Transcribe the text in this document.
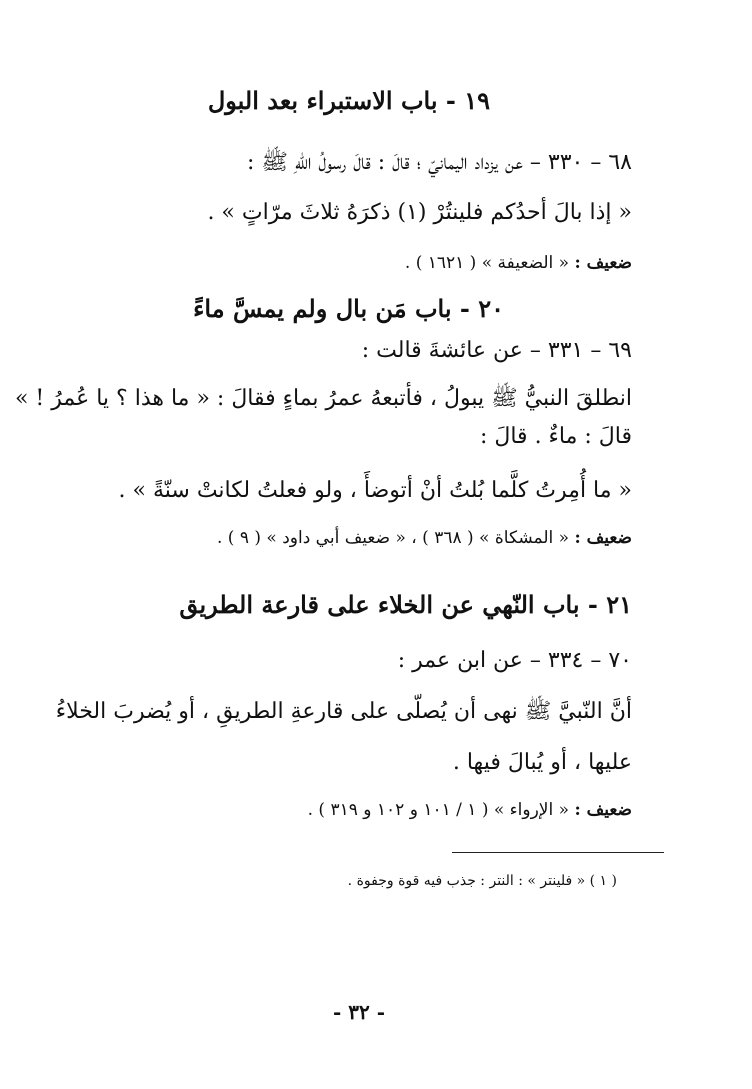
١٩ - باب الاستبراء بعد البول
٦٨ – ٣٣٠ – عن يزداد اليمانيّ ؛ قالَ : قالَ رسولُ اللهِ ﷺ :
« إذا بالَ أحدُكم فلينتُرْ (١) ذكرَهُ ثلاثَ مرّاتٍ » .
ضعيف : « الضعيفة » ( ١٦٢١ ) .
٢٠ - باب مَن بال ولم يمسَّ ماءً
٦٩ – ٣٣١ – عن عائشةَ قالت :
انطلقَ النبيُّ ﷺ يبولُ ، فأتبعهُ عمرُ بماءٍ فقالَ : « ما هذا ؟ يا عُمرُ ! »
قالَ : ماءٌ . قالَ :
« ما أُمِرتُ كلَّما بُلتُ أنْ أتوضأَ ، ولو فعلتُ لكانتْ سنّةً » .
ضعيف : « المشكاة » ( ٣٦٨ ) ، « ضعيف أبي داود » ( ٩ ) .
٢١ - باب النّهي عن الخلاء على قارعة الطريق
٧٠ – ٣٣٤ – عن ابن عمر :
أنَّ النّبيَّ ﷺ نهى أن يُصلّى على قارعةِ الطريقِ ، أو يُضربَ الخلاءُ
عليها ، أو يُبالَ فيها .
ضعيف : « الإرواء » ( ١ / ١٠١ و ١٠٢ و ٣١٩ ) .
( ١ ) « فلينتر » : النتر : جذب فيه قوة وجفوة .
- ٣٢ -
